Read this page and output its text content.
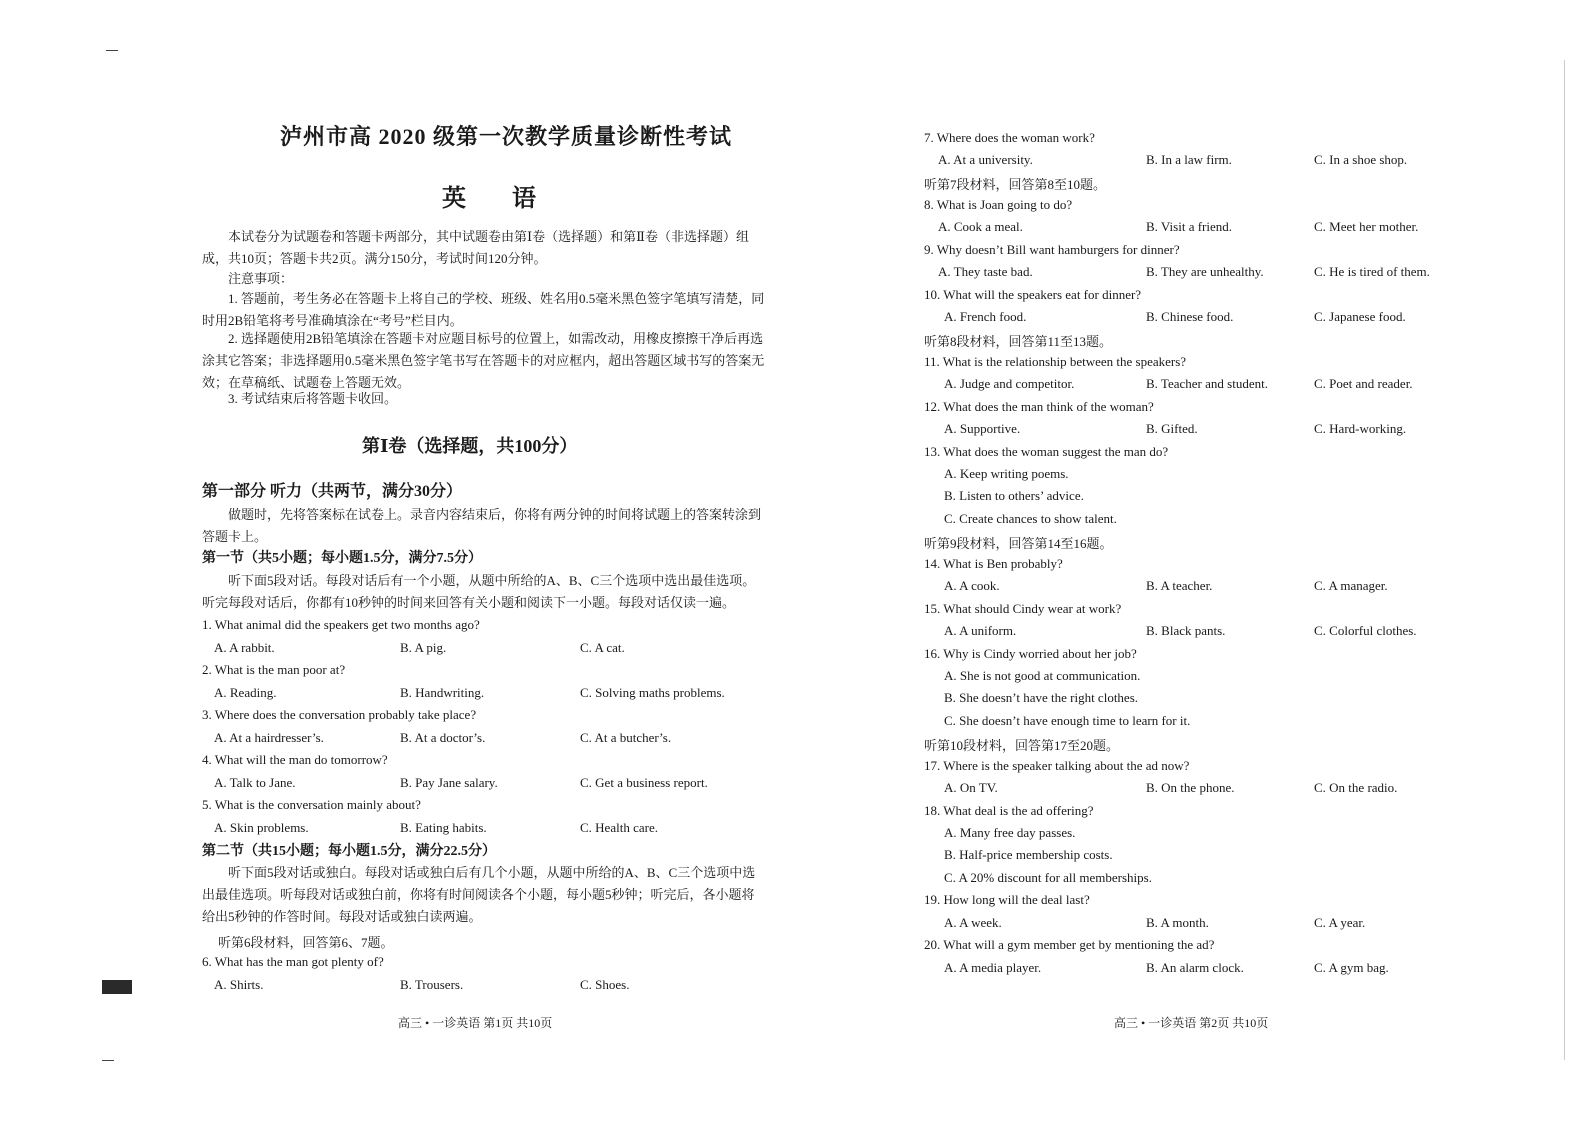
泸州市高 2020 级第一次教学质量诊断性考试
英 语
本试卷分为试题卷和答题卡两部分，其中试题卷由第Ⅰ卷（选择题）和第Ⅱ卷（非选择题）组成，共10页；答题卡共2页。满分150分，考试时间120分钟。
注意事项：
1. 答题前，考生务必在答题卡上将自己的学校、班级、姓名用0.5毫米黑色签字笔填写清楚，同时用2B铅笔将考号准确填涂在“考号”栏目内。
2. 选择题使用2B铅笔填涂在答题卡对应题目标号的位置上，如需改动，用橡皮擦擦干净后再选涂其它答案；非选择题用0.5毫米黑色签字笔书写在答题卡的对应框内，超出答题区域书写的答案无效；在草稿纸、试题卷上答题无效。
3. 考试结束后将答题卡收回。
第Ⅰ卷（选择题，共100分）
第一部分 听力（共两节，满分30分）
做题时，先将答案标在试卷上。录音内容结束后，你将有两分钟的时间将试题上的答案转涂到答题卡上。
第一节（共5小题；每小题1.5分，满分7.5分）
听下面5段对话。每段对话后有一个小题，从题中所给的A、B、C三个选项中选出最佳选项。听完每段对话后，你都有10秒钟的时间来回答有关小题和阅读下一小题。每段对话仅读一遍。
1. What animal did the speakers get two months ago?
A. A rabbit.	B. A pig.	C. A cat.
2. What is the man poor at?
A. Reading.	B. Handwriting.	C. Solving maths problems.
3. Where does the conversation probably take place?
A. At a hairdresser’s.	B. At a doctor’s.	C. At a butcher’s.
4. What will the man do tomorrow?
A. Talk to Jane.	B. Pay Jane salary.	C. Get a business report.
5. What is the conversation mainly about?
A. Skin problems.	B. Eating habits.	C. Health care.
第二节（共15小题；每小题1.5分，满分22.5分）
听下面5段对话或独白。每段对话或独白后有几个小题，从题中所给的A、B、C三个选项中选出最佳选项。听每段对话或独白前，你将有时间阅读各个小题，每小题5秒钟；听完后，各小题将给出5秒钟的作答时间。每段对话或独白读两遍。
听第6段材料，回答第6、7题。
6. What has the man got plenty of?
A. Shirts.	B. Trousers.	C. Shoes.
高三 • 一诊英语 第1页 共10页
7. Where does the woman work?
A. At a university.	B. In a law firm.	C. In a shoe shop.
听第7段材料，回答第8至10题。
8. What is Joan going to do?
A. Cook a meal.	B. Visit a friend.	C. Meet her mother.
9. Why doesn’t Bill want hamburgers for dinner?
A. They taste bad.	B. They are unhealthy.	C. He is tired of them.
10. What will the speakers eat for dinner?
A. French food.	B. Chinese food.	C. Japanese food.
听第8段材料，回答第11至13题。
11. What is the relationship between the speakers?
A. Judge and competitor.	B. Teacher and student.	C. Poet and reader.
12. What does the man think of the woman?
A. Supportive.	B. Gifted.	C. Hard-working.
13. What does the woman suggest the man do?
A. Keep writing poems.
B. Listen to others’ advice.
C. Create chances to show talent.
听第9段材料，回答第14至16题。
14. What is Ben probably?
A. A cook.	B. A teacher.	C. A manager.
15. What should Cindy wear at work?
A. A uniform.	B. Black pants.	C. Colorful clothes.
16. Why is Cindy worried about her job?
A. She is not good at communication.
B. She doesn’t have the right clothes.
C. She doesn’t have enough time to learn for it.
听第10段材料，回答第17至20题。
17. Where is the speaker talking about the ad now?
A. On TV.	B. On the phone.	C. On the radio.
18. What deal is the ad offering?
A. Many free day passes.
B. Half-price membership costs.
C. A 20% discount for all memberships.
19. How long will the deal last?
A. A week.	B. A month.	C. A year.
20. What will a gym member get by mentioning the ad?
A. A media player.	B. An alarm clock.	C. A gym bag.
高三 • 一诊英语 第2页 共10页
